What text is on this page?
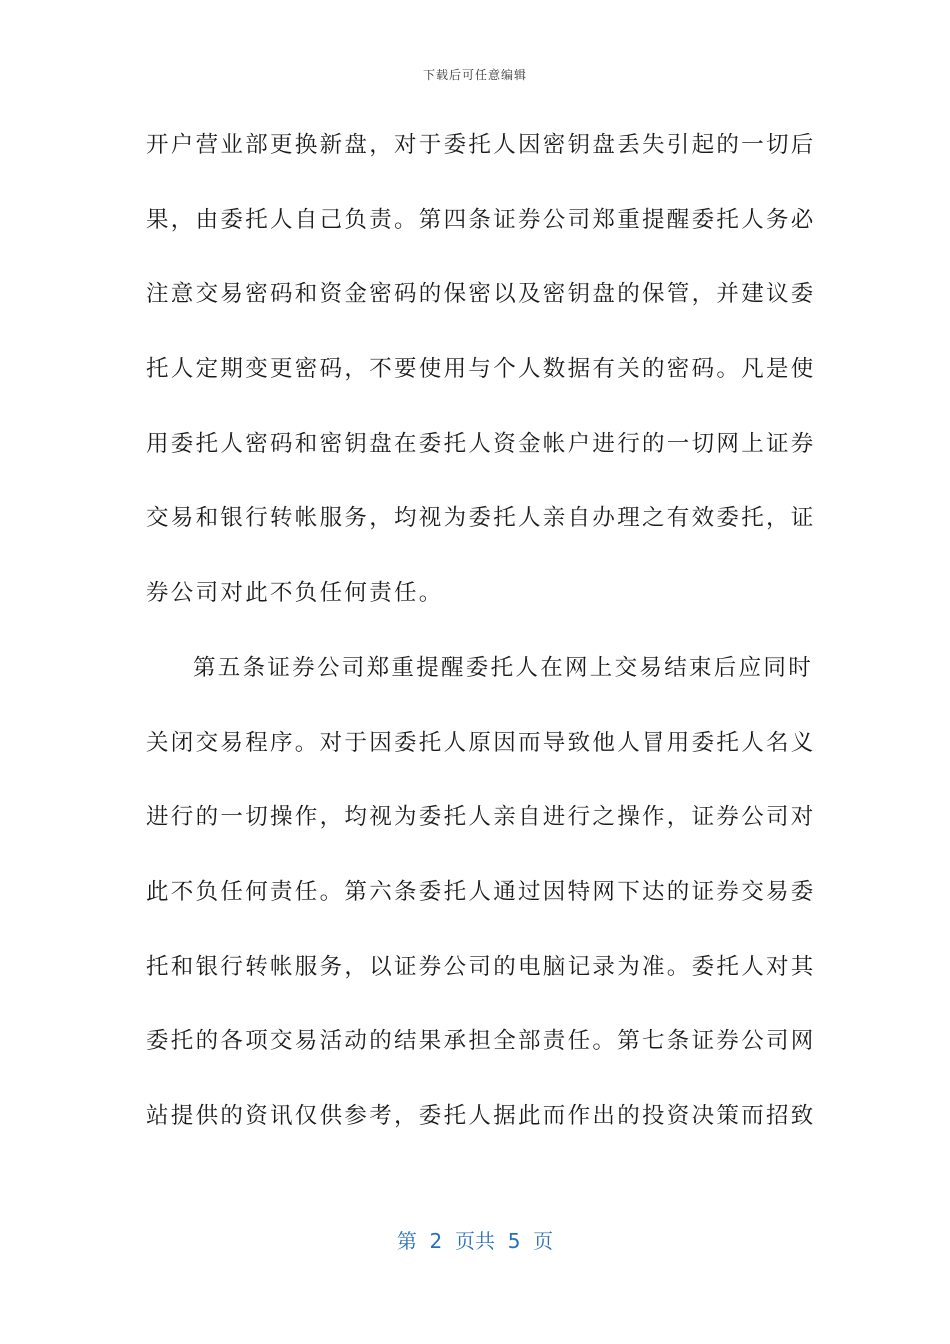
下载后可任意编辑
开户营业部更换新盘，对于委托人因密钥盘丢失引起的一切后
果，由委托人自己负责。第四条证券公司郑重提醒委托人务必
注意交易密码和资金密码的保密以及密钥盘的保管，并建议委
托人定期变更密码，不要使用与个人数据有关的密码。凡是使
用委托人密码和密钥盘在委托人资金帐户进行的一切网上证券
交易和银行转帐服务，均视为委托人亲自办理之有效委托，证
券公司对此不负任何责任。
第五条证券公司郑重提醒委托人在网上交易结束后应同时
关闭交易程序。对于因委托人原因而导致他人冒用委托人名义
进行的一切操作，均视为委托人亲自进行之操作，证券公司对
此不负任何责任。第六条委托人通过因特网下达的证券交易委
托和银行转帐服务，以证券公司的电脑记录为准。委托人对其
委托的各项交易活动的结果承担全部责任。第七条证券公司网
站提供的资讯仅供参考，委托人据此而作出的投资决策而招致
第  2  页共  5  页
